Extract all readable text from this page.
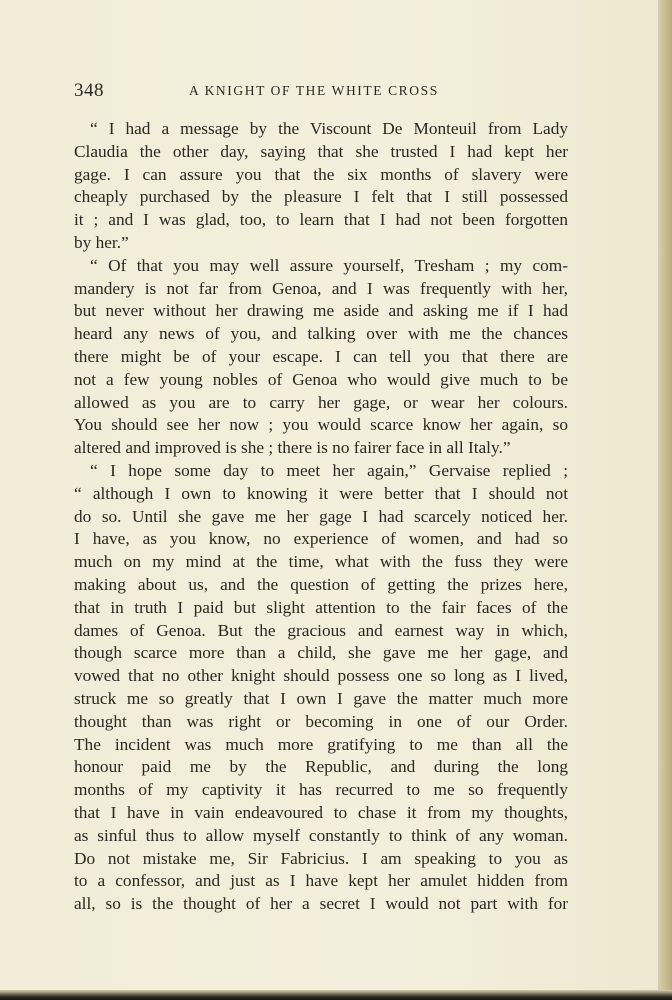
348	A KNIGHT OF THE WHITE CROSS
“ I had a message by the Viscount De Monteuil from Lady
Claudia the other day, saying that she trusted I had kept her
gage. I can assure you that the six months of slavery were
cheaply purchased by the pleasure I felt that I still possessed
it ; and I was glad, too, to learn that I had not been forgotten
by her.”
“ Of that you may well assure yourself, Tresham ; my com-
mandery is not far from Genoa, and I was frequently with her,
but never without her drawing me aside and asking me if I had
heard any news of you, and talking over with me the chances
there might be of your escape. I can tell you that there are
not a few young nobles of Genoa who would give much to be
allowed as you are to carry her gage, or wear her colours.
You should see her now ; you would scarce know her again, so
altered and improved is she ; there is no fairer face in all Italy.”
“ I hope some day to meet her again,” Gervaise replied ;
“ although I own to knowing it were better that I should not
do so. Until she gave me her gage I had scarcely noticed her.
I have, as you know, no experience of women, and had so
much on my mind at the time, what with the fuss they were
making about us, and the question of getting the prizes here,
that in truth I paid but slight attention to the fair faces of the
dames of Genoa. But the gracious and earnest way in which,
though scarce more than a child, she gave me her gage, and
vowed that no other knight should possess one so long as I lived,
struck me so greatly that I own I gave the matter much more
thought than was right or becoming in one of our Order.
The incident was much more gratifying to me than all the
honour paid me by the Republic, and during the long
months of my captivity it has recurred to me so frequently
that I have in vain endeavoured to chase it from my thoughts,
as sinful thus to allow myself constantly to think of any woman.
Do not mistake me, Sir Fabricius. I am speaking to you as
to a confessor, and just as I have kept her amulet hidden from
all, so is the thought of her a secret I would not part with for
